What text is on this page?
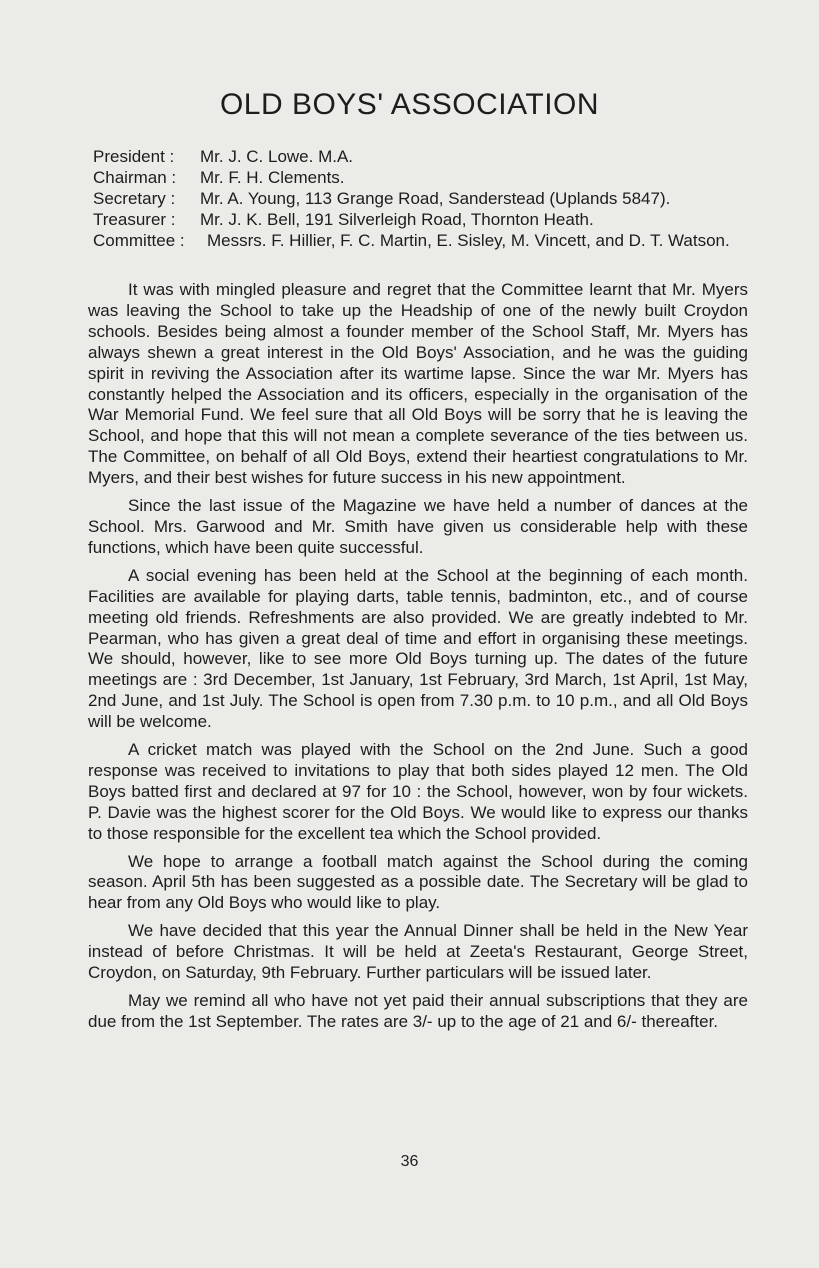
OLD BOYS' ASSOCIATION
President :	Mr. J. C. Lowe. M.A.
Chairman :	Mr. F. H. Clements.
Secretary :	Mr. A. Young, 113 Grange Road, Sanderstead (Uplands 5847).
Treasurer :	Mr. J. K. Bell, 191 Silverleigh Road, Thornton Heath.
Committee :	Messrs. F. Hillier, F. C. Martin, E. Sisley, M. Vincett, and D. T. Watson.

It was with mingled pleasure and regret that the Committee learnt that Mr. Myers was leaving the School to take up the Headship of one of the newly built Croydon schools. Besides being almost a founder member of the School Staff, Mr. Myers has always shewn a great interest in the Old Boys' Association, and he was the guiding spirit in reviving the Association after its wartime lapse. Since the war Mr. Myers has constantly helped the Association and its officers, especially in the organisation of the War Memorial Fund. We feel sure that all Old Boys will be sorry that he is leaving the School, and hope that this will not mean a complete severance of the ties between us. The Committee, on behalf of all Old Boys, extend their heartiest congratulations to Mr. Myers, and their best wishes for future success in his new appointment.

Since the last issue of the Magazine we have held a number of dances at the School. Mrs. Garwood and Mr. Smith have given us considerable help with these functions, which have been quite successful.

A social evening has been held at the School at the beginning of each month. Facilities are available for playing darts, table tennis, badminton, etc., and of course meeting old friends. Refreshments are also provided. We are greatly indebted to Mr. Pearman, who has given a great deal of time and effort in organising these meetings. We should, however, like to see more Old Boys turning up. The dates of the future meetings are : 3rd December, 1st January, 1st February, 3rd March, 1st April, 1st May, 2nd June, and 1st July. The School is open from 7.30 p.m. to 10 p.m., and all Old Boys will be welcome.

A cricket match was played with the School on the 2nd June. Such a good response was received to invitations to play that both sides played 12 men. The Old Boys batted first and declared at 97 for 10 : the School, however, won by four wickets. P. Davie was the highest scorer for the Old Boys. We would like to express our thanks to those responsible for the excellent tea which the School provided.

We hope to arrange a football match against the School during the coming season. April 5th has been suggested as a possible date. The Secretary will be glad to hear from any Old Boys who would like to play.

We have decided that this year the Annual Dinner shall be held in the New Year instead of before Christmas. It will be held at Zeeta's Restaurant, George Street, Croydon, on Saturday, 9th February. Further particulars will be issued later.

May we remind all who have not yet paid their annual subscriptions that they are due from the 1st September. The rates are 3/- up to the age of 21 and 6/- thereafter.

36
